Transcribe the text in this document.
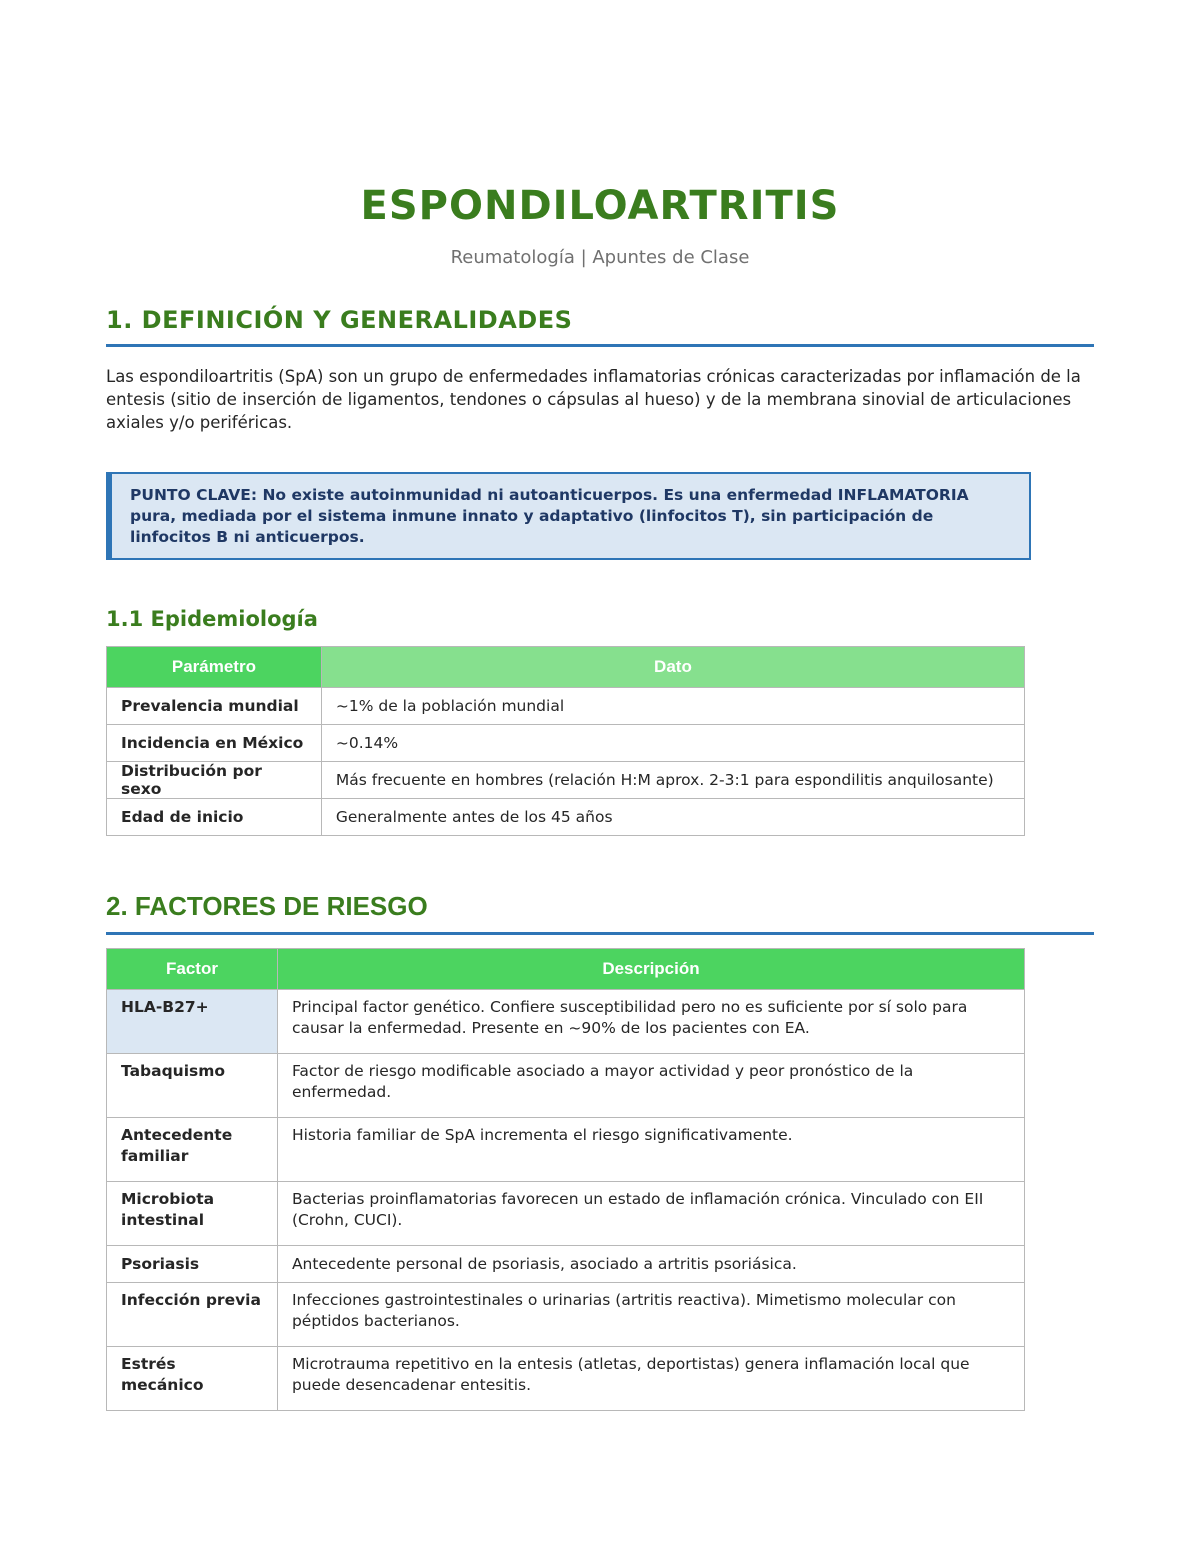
ESPONDILOARTRITIS
Reumatología | Apuntes de Clase
1. DEFINICIÓN Y GENERALIDADES
Las espondiloartritis (SpA) son un grupo de enfermedades inflamatorias crónicas caracterizadas por inflamación de la entesis (sitio de inserción de ligamentos, tendones o cápsulas al hueso) y de la membrana sinovial de articulaciones axiales y/o periféricas.
PUNTO CLAVE: No existe autoinmunidad ni autoanticuerpos. Es una enfermedad INFLAMATORIA pura, mediada por el sistema inmune innato y adaptativo (linfocitos T), sin participación de linfocitos B ni anticuerpos.
1.1 Epidemiología
Parámetro	Dato
Prevalencia mundial	~1% de la población mundial
Incidencia en México	~0.14%
Distribución por sexo	Más frecuente en hombres (relación H:M aprox. 2-3:1 para espondilitis anquilosante)
Edad de inicio	Generalmente antes de los 45 años
2. FACTORES DE RIESGO
Factor	Descripción
HLA-B27+	Principal factor genético. Confiere susceptibilidad pero no es suficiente por sí solo para causar la enfermedad. Presente en ~90% de los pacientes con EA.
Tabaquismo	Factor de riesgo modificable asociado a mayor actividad y peor pronóstico de la enfermedad.
Antecedente familiar	Historia familiar de SpA incrementa el riesgo significativamente.
Microbiota intestinal	Bacterias proinflamatorias favorecen un estado de inflamación crónica. Vinculado con EII (Crohn, CUCI).
Psoriasis	Antecedente personal de psoriasis, asociado a artritis psoriásica.
Infección previa	Infecciones gastrointestinales o urinarias (artritis reactiva). Mimetismo molecular con péptidos bacterianos.
Estrés mecánico	Microtrauma repetitivo en la entesis (atletas, deportistas) genera inflamación local que puede desencadenar entesitis.
